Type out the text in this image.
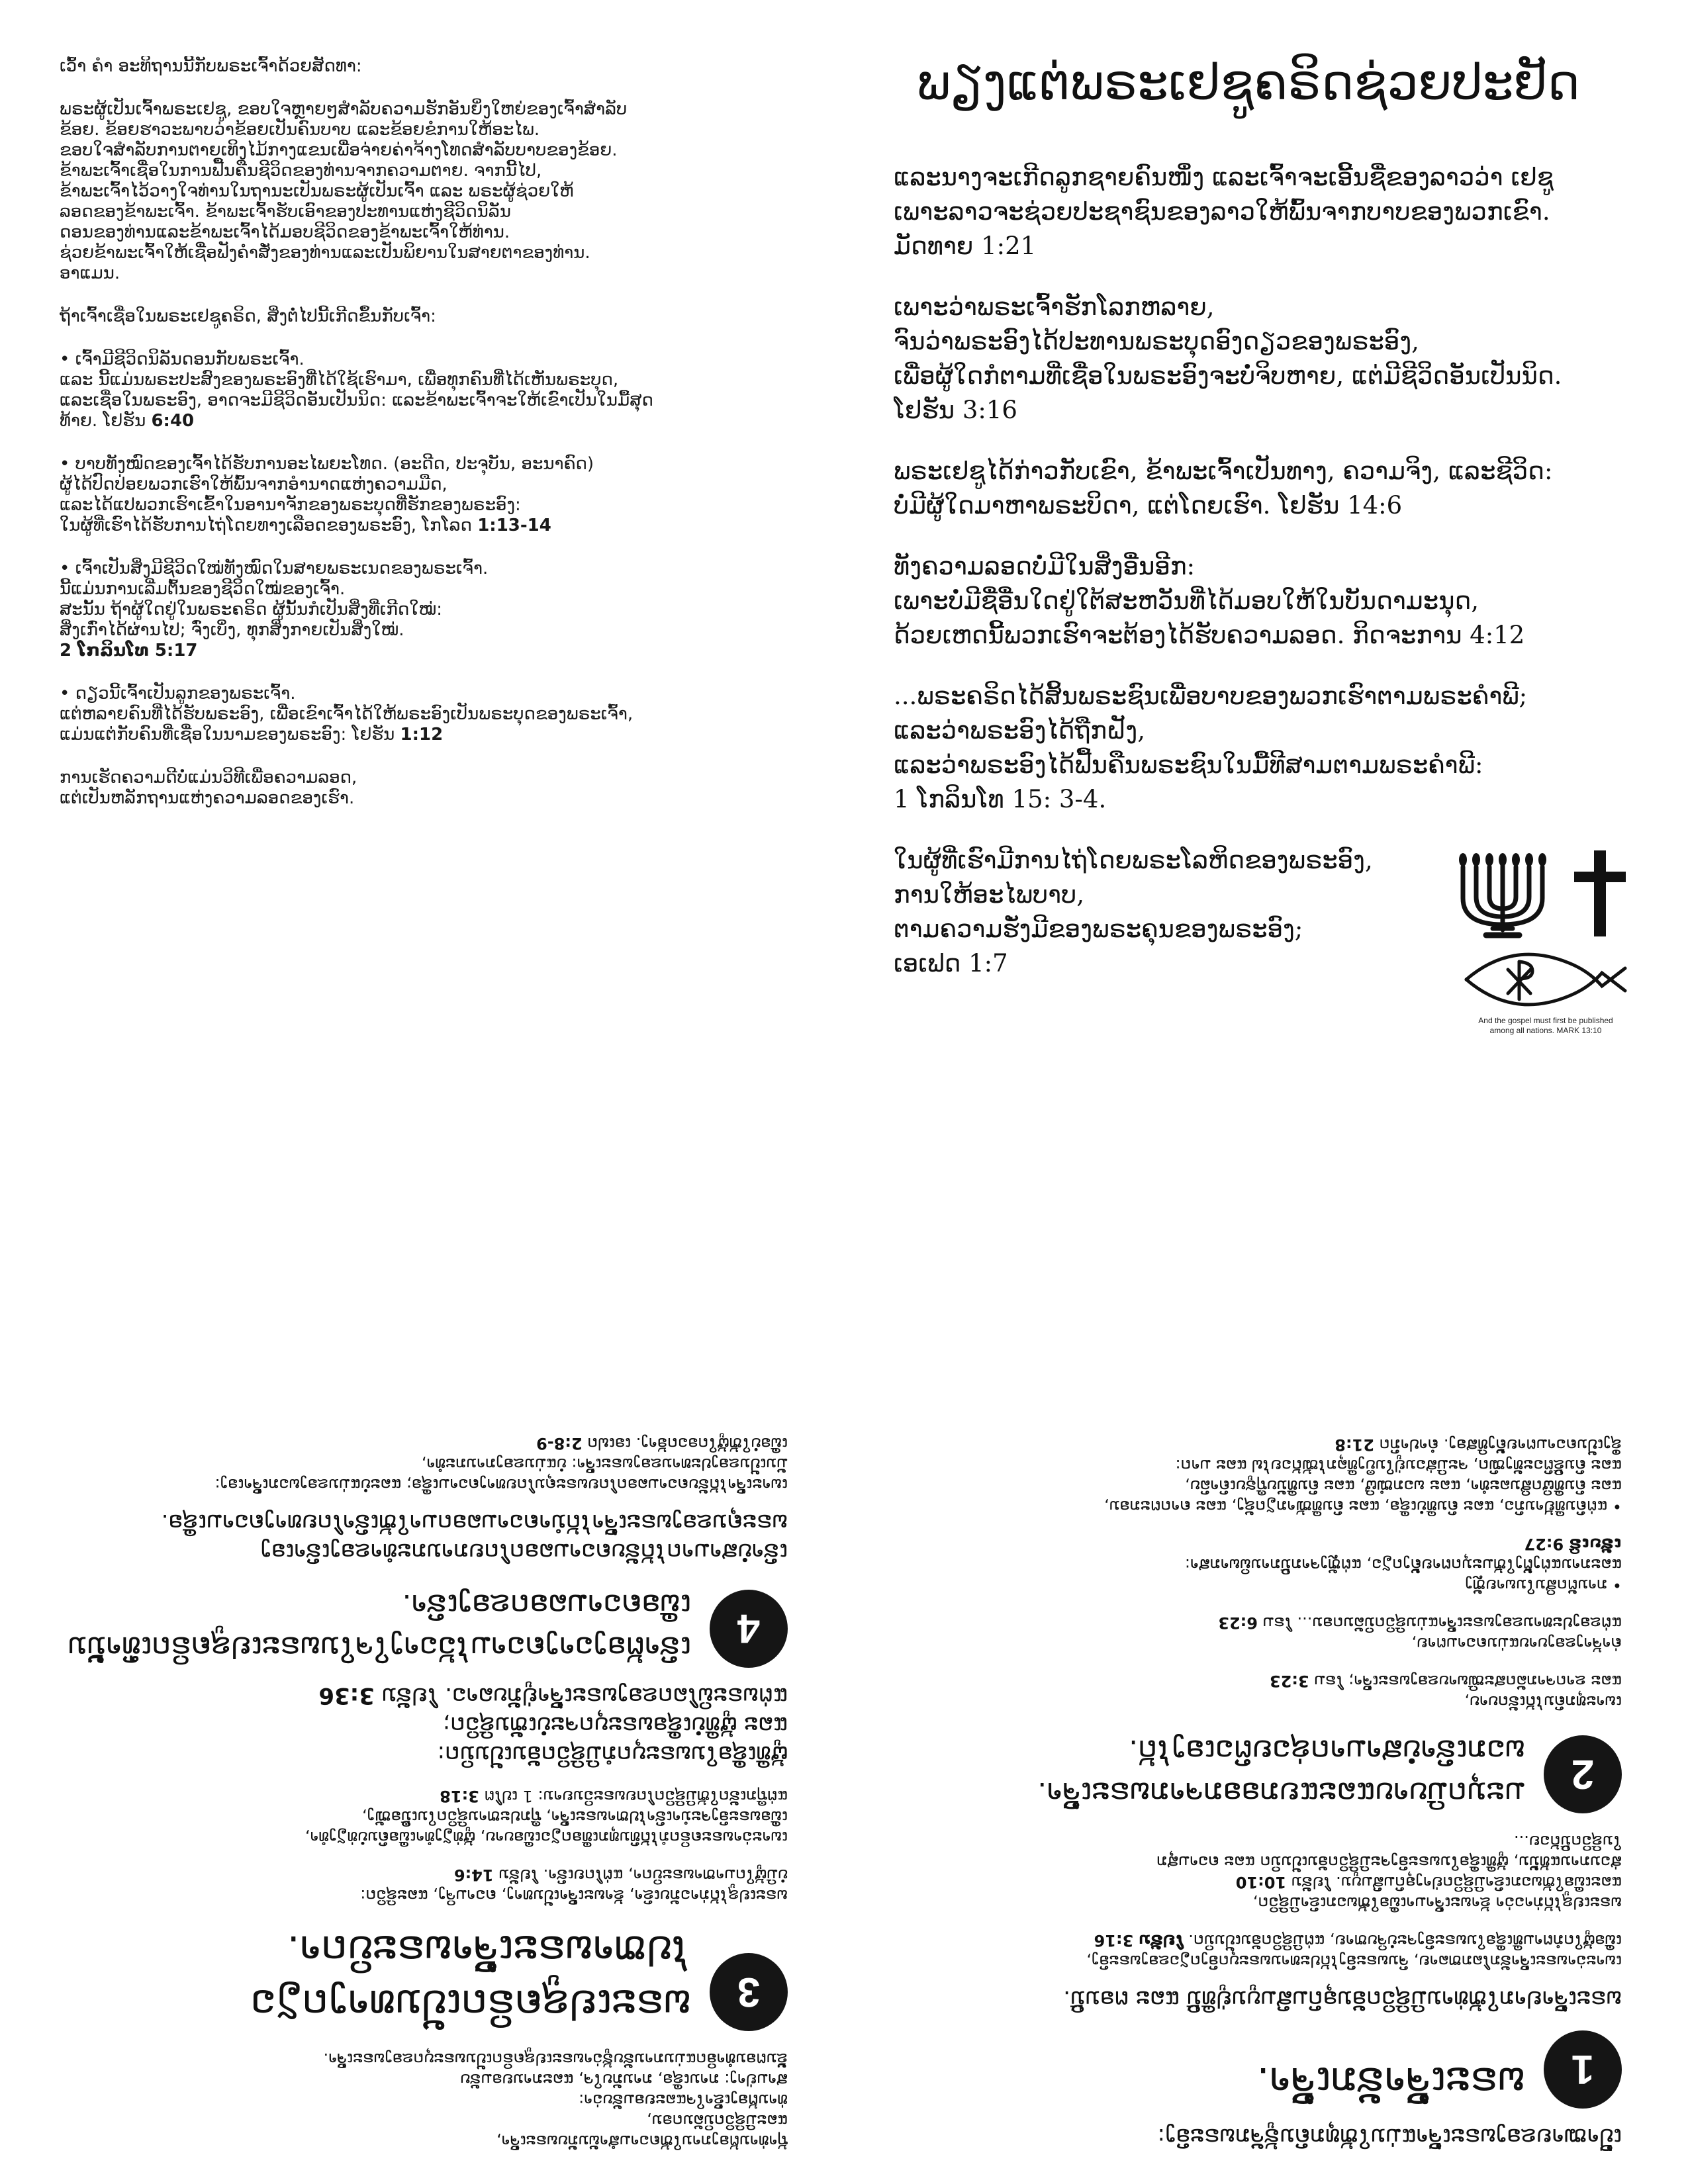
ເວົ້າ ຄຳ ອະທິຖານນີ້ກັບພຣະເຈົ້າດ້ວຍສັດທາ:

ພຣະຜູ້ເປັນເຈົ້າພຣະເຢຊູ, ຂອບໃຈຫຼາຍໆສຳລັບຄວາມຮັກອັນຍິ່ງໃຫຍ່ຂອງເຈົ້າສຳລັບ
ຂ້ອຍ. ຂ້ອຍຮາວະພາບວ່າຂ້ອຍເປັນຄົນບາບ ແລະຂ້ອຍຂໍການໃຫ້ອະໄພ.
ຂອບໃຈສຳລັບການຕາຍເທິງໄມ້ກາງແຂນເພື່ອຈ່າຍຄ່າຈ້າງໂທດສຳລັບບາບຂອງຂ້ອຍ.
ຂ້າພະເຈົ້າເຊື່ອໃນການຟື້ນຄືນຊີວິດຂອງທ່ານຈາກຄວາມຕາຍ. ຈາກນີ້ໄປ,
ຂ້າພະເຈົ້າໄວ້ວາງໃຈທ່ານໃນຖານະເປັນພຣະຜູ້ເປັນເຈົ້າ ແລະ ພຣະຜູ້ຊ່ວຍໃຫ້
ລອດຂອງຂ້າພະເຈົ້າ. ຂ້າພະເຈົ້າຮັບເອົາຂອງປະທານແຫ່ງຊີວິດນິລັນ
ດອນຂອງທ່ານແລະຂ້າພະເຈົ້າໄດ້ມອບຊີວິດຂອງຂ້າພະເຈົ້າໃຫ້ທ່ານ.
ຊ່ວຍຂ້າພະເຈົ້າໃຫ້ເຊື່ອຟັງຄຳສັ່ງຂອງທ່ານແລະເປັນພິຍານໃນສາຍຕາຂອງທ່ານ.
ອາແມນ.

ຖ້າເຈົ້າເຊື່ອໃນພຣະເຢຊູຄຣິດ, ສິ່ງຕໍ່ໄປນີ້ເກີດຂຶ້ນກັບເຈົ້າ:

• ເຈົ້າມີຊີວິດນິລັນດອນກັບພຣະເຈົ້າ.
ແລະ ນີ້ແມ່ນພຣະປະສົງຂອງພຣະອົງທີ່ໄດ້ໃຊ້ເຮົາມາ, ເພື່ອທຸກຄົນທີ່ໄດ້ເຫັນພຣະບຸດ,
ແລະເຊື່ອໃນພຣະອົງ, ອາດຈະມີຊີວິດອັນເປັນນິດ: ແລະຂ້າພະເຈົ້າຈະໃຫ້ເຂົາເປັນໃນມື້ສຸດ
ທ້າຍ. ໂຢຮັນ 6:40

• ບາບທັງໝົດຂອງເຈົ້າໄດ້ຮັບການອະໄພຍະໂທດ. (ອະດີດ, ປະຈຸບັນ, ອະນາຄົດ)
ຜູ້ໄດ້ປົດປ່ອຍພວກເຮົາໃຫ້ພົ້ນຈາກອຳນາດແຫ່ງຄວາມມືດ,
ແລະໄດ້ແປພວກເຮົາເຂົ້າໃນອານາຈັກຂອງພຣະບຸດທີ່ຮັກຂອງພຣະອົງ:
ໃນຜູ້ທີ່ເຮົາໄດ້ຮັບການໄຖ່ໂດຍທາງເລືອດຂອງພຣະອົງ, ໂກໂລດ 1:13-14

• ເຈົ້າເປັນສິ່ງມີຊີວິດໃໝ່ທັງໝົດໃນສາຍພຣະເນດຂອງພຣະເຈົ້າ.
ນີ້ແມ່ນການເລີ່ມຕົ້ນຂອງຊີວິດໃໝ່ຂອງເຈົ້າ.
ສະນັ້ນ ຖ້າຜູ້ໃດຢູ່ໃນພຣະຄຣິດ ຜູ້ນັ້ນກໍເປັນສິ່ງທີ່ເກີດໃໝ່:
ສິ່ງເກົ່າໄດ້ຜ່ານໄປ; ຈົ່ງເບິ່ງ, ທຸກສິ່ງກາຍເປັນສິ່ງໃໝ່.
2 ໂກລິນໂທ 5:17

• ດຽວນີ້ເຈົ້າເປັນລູກຂອງພຣະເຈົ້າ.
ແຕ່ຫລາຍຄົນທີ່ໄດ້ຮັບພຣະອົງ, ເພື່ອເຂົາເຈົ້າໄດ້ໃຫ້ພຣະອົງເປັນພຣະບຸດຂອງພຣະເຈົ້າ,
ແມ່ນແຕ່ກັບຄົນທີ່ເຊື່ອໃນນາມຂອງພຣະອົງ: ໂຢຮັນ 1:12

ການເຮັດຄວາມດີບໍ່ແມ່ນວິທີເພື່ອຄວາມລອດ,
ແຕ່ເປັນຫລັກຖານແຫ່ງຄວາມລອດຂອງເຮົາ.

ພຽງແຕ່ພຣະເຢຊູຄຣິດຊ່ວຍປະຢັດ
ແລະນາງຈະເກີດລູກຊາຍຄົນໜຶ່ງ ແລະເຈົ້າຈະເອີ້ນຊື່ຂອງລາວວ່າ ເຢຊູ
ເພາະລາວຈະຊ່ວຍປະຊາຊົນຂອງລາວໃຫ້ພົ້ນຈາກບາບຂອງພວກເຂົາ.
ມັດທາຍ 1:21
ເພາະວ່າພຣະເຈົ້າຮັກໂລກຫລາຍ,
ຈົນວ່າພຣະອົງໄດ້ປະທານພຣະບຸດອົງດຽວຂອງພຣະອົງ,
ເພື່ອຜູ້ໃດກໍຕາມທີ່ເຊື່ອໃນພຣະອົງຈະບໍ່ຈິບຫາຍ, ແຕ່ມີຊີວິດອັນເປັນນິດ.
ໂຢຮັນ 3:16
ພຣະເຢຊູໄດ້ກ່າວກັບເຂົາ, ຂ້າພະເຈົ້າເປັນທາງ, ຄວາມຈິງ, ແລະຊີວິດ:
ບໍ່ມີຜູ້ໃດມາຫາພຣະບິດາ, ແຕ່ໂດຍເຮົາ. ໂຢຮັນ 14:6
ທັງຄວາມລອດບໍ່ມີໃນສິ່ງອື່ນອີກ:
ເພາະບໍ່ມີຊື່ອື່ນໃດຢູ່ໃຕ້ສະຫວັນທີ່ໄດ້ມອບໃຫ້ໃນບັນດາມະນຸດ,
ດ້ວຍເຫດນີ້ພວກເຮົາຈະຕ້ອງໄດ້ຮັບຄວາມລອດ. ກິດຈະການ 4:12
...ພຣະຄຣິດໄດ້ສິ້ນພຣະຊົນເພື່ອບາບຂອງພວກເຮົາຕາມພຣະຄຳພີ;
ແລະວ່າພຣະອົງໄດ້ຖືກຝັງ,
ແລະວ່າພຣະອົງໄດ້ຟື້ນຄືນພຣະຊົນໃນມື້ທີສາມຕາມພຣະຄຳພີ:
1 ໂກລິນໂທ 15: 3-4.
ໃນຜູ້ທີ່ເຮົາມີການໄຖ່ໂດຍພຣະໂລຫິດຂອງພຣະອົງ,
ການໃຫ້ອະໄພບາບ,
ຕາມຄວາມຮັ່ງມີຂອງພຣະຄຸນຂອງພຣະອົງ;
ເອເຟດ 1:7
And the gospel must first be published
among all nations. MARK 13:10

ເປົ້າໝາຍຂອງພຣະເຈົ້າແມ່ນໃຫ້ທຸກຄົນຮູ້ຈັກພຣະອົງ:

1
ພຣະເຈົ້າຮັກເຈົ້າ.

ພຣະເຈົ້າຢາກໃຫ້ທ່ານມີຊີວິດອັນອຸດົມສົມບູນຢູ່ທີ່ນີ້ ແລະ ຕອນນີ້.

ເພາະວ່າພຣະເຈົ້າຮັກໂລກຫລາຍ, ຈົນພຣະອົງໄດ້ປະທານພຣະບຸດອົງດຽວຂອງພຣະອົງ,
ເພື່ອຜູ້ໃດກໍຕາມທີ່ເຊື່ອໃນພຣະອົງຈະບໍ່ຈິບຫາຍ, ແຕ່ມີຊີວິດອັນເປັນນິດ. ໂຢຮັນ 3:16

ພຣະເຢຊູໄດ້ກ່າວວ່າ ຂ້າພະເຈົ້າມາເພື່ອໃຫ້ພວກເຂົາມີຊີວິດ,
ແລະເພື່ອໃຫ້ພວກເຂົາມີຊີວິດຢ່າງອຸດົມສົມບູນ. ໂຢຮັນ 10:10
ສ່ວນການແທ້ນັ້ນ, ຜູ້ທີ່ເຊື່ອໃນພຣະອົງຈະມີຊີວິດອັນເປັນນິດ ແລະ ຄວາມສຸກ
ໃນຊີວິດນີ້ດ້ວຍ...

2
ມະນຸດມີບາບແລະແຍກອອກຈາກພຣະເຈົ້າ.
ພວກເຮົາບໍ່ສາມາດຊ່ວຍຕົວເອງໄດ້.

ເພາະທຸກຄົນໄດ້ເຮັດບາບ,
ແລະ ຂາດຈາກລັດສະໝີພາບຂອງພຣະເຈົ້າ; ໂຣມ 3:23

ຄ່າຈ້າງຂອງບາບແມ່ນຄວາມຕາຍ,
ແຕ່ຂອງປະທານຂອງພຣະເຈົ້າແມ່ນຊີວິດນິລັນດອນ... ໂຣມ 6:23

• ການຕັດສິນໃນພາຍຫຼັງ
ແລະການແຕ່ງຕັ້ງໃຫ້ມະນຸດຕາຍຄັ້ງດຽວ, ແຕ່ຫຼັງຈາກນີ້ການພິພາກສາ:
ເຮັບເຣີ 9:27

• ແຕ່ຄົນທີ່ຢ້ານກົວ, ແລະ ຄົນທີ່ບໍ່ເຊື່ອ, ແລະ ຄົນທີ່ໜ້າກຽດຊັງ, ແລະ ຄາດຕະກອນ,
ແລະ ຄົນທີ່ຜິດສິນລະທຳ, ແລະ ພວກໝໍຜີ, ແລະ ຄົນທີ່ນັບຖືຮູບເຄົາລົບ,
ແລະ ຄົນຂີ້ຕົວະທັງໝົດ, ຈະມີສ່ວນຢູ່ໃນບຶງທີ່ລຸກໄໝ້ດ້ວຍໄຟ ແລະ ມາດ:
ຊຶ່ງເປັນຄວາມຕາຍຄັ້ງທີສອງ. ຄຳປາກົດ 21:8

ຖ້າທ່ານຕ້ອງການໃຫ້ຄວາມສຳພັນກັບພຣະເຈົ້າ,
ແລະມີຊີວິດນິລັນດອນ,
ທ່ານຕ້ອງເຂົ້າໃຈແລະຍອມຮັບວ່າ:
ສາມຢ່າງ: ການເຊື່ອ, ການກັບໃຈ, ແລະການຍອມຮັບ
ຂັ້ນຕອນທຳອິດແມ່ນການຮັບຮູ້ວ່າພຣະເຢຊູຄຣິດເປັນພຣະບຸດຂອງພຣະເຈົ້າ.

3
ພຣະເຢຊູຄຣິດເປັນທາງດຽວ
ໄປຫາພຣະເຈົ້າພຣະບິດາ.

ພຣະເຢຊູໄດ້ກ່າວກັບເຂົາ, ຂ້າພະເຈົ້າເປັນທາງ, ຄວາມຈິງ, ແລະຊີວິດ:
ບໍ່ມີຜູ້ໃດມາຫາພຣະບິດາ, ແຕ່ໂດຍເຮົາ. ໂຢຮັນ 14:6

ເພາະວ່າພຣະຄຣິດກໍໄດ້ທົນທຸກເທື່ອດຽວເພື່ອບາບ, ຜູ້ທ່ຽງທຳເພື່ອຄົນບໍ່ທ່ຽງທຳ,
ເພື່ອພຣະອົງຈະນຳເຮົາໄປຫາພຣະເຈົ້າ, ຖືກປະຫານຊີວິດໃນເນື້ອໜັງ,
ແຕ່ຖືກເຮັດໃຫ້ມີຊີວິດໂດຍພຣະວິນຍານ: 1 ເປໂຕ 3:18

ຜູ້ທີ່ເຊື່ອໃນພຣະບຸດກໍມີຊີວິດອັນເປັນນິດ:
ແລະ ຜູ້ທີ່ບໍ່ເຊື່ອພຣະບຸດຈະບໍ່ເຫັນຊີວິດ;
ແຕ່ພຣະພິໂລດຂອງພຣະເຈົ້າຢູ່ກັບລາວ. ໂຢຮັນ 3:36

4
ເຮົາຕ້ອງວາງຄວາມໄວ້ວາງໃຈໃນພຣະເຢຊູຄຣິດເທົ່ານັ້ນ
ເພື່ອຄວາມລອດຂອງເຮົາ.

ເຮົາບໍ່ສາມາດໄດ້ຮັບຄວາມລອດໂດຍການກະທຳຂອງເຮົາເອງ
ພຣະຄຸນຂອງພຣະເຈົ້າໄດ້ນຳຄວາມລອດມາໃຫ້ເຮົາໂດຍທາງຄວາມເຊື່ອ.

ເພາະເຈົ້າໄດ້ຮັບຄວາມລອດໂດຍພຣະຄຸນໂດຍທາງຄວາມເຊື່ອ; ແລະບໍ່ແມ່ນຂອງພວກເຈົ້າເອງ:
ມັນເປັນຂອງປະທານຂອງພຣະເຈົ້າ: ບໍ່ແມ່ນຂອງການກະທຳ,
ເພື່ອບໍ່ໃຫ້ຜູ້ໃດອວດອ້າງ. ເອເຟດ 2:8-9
